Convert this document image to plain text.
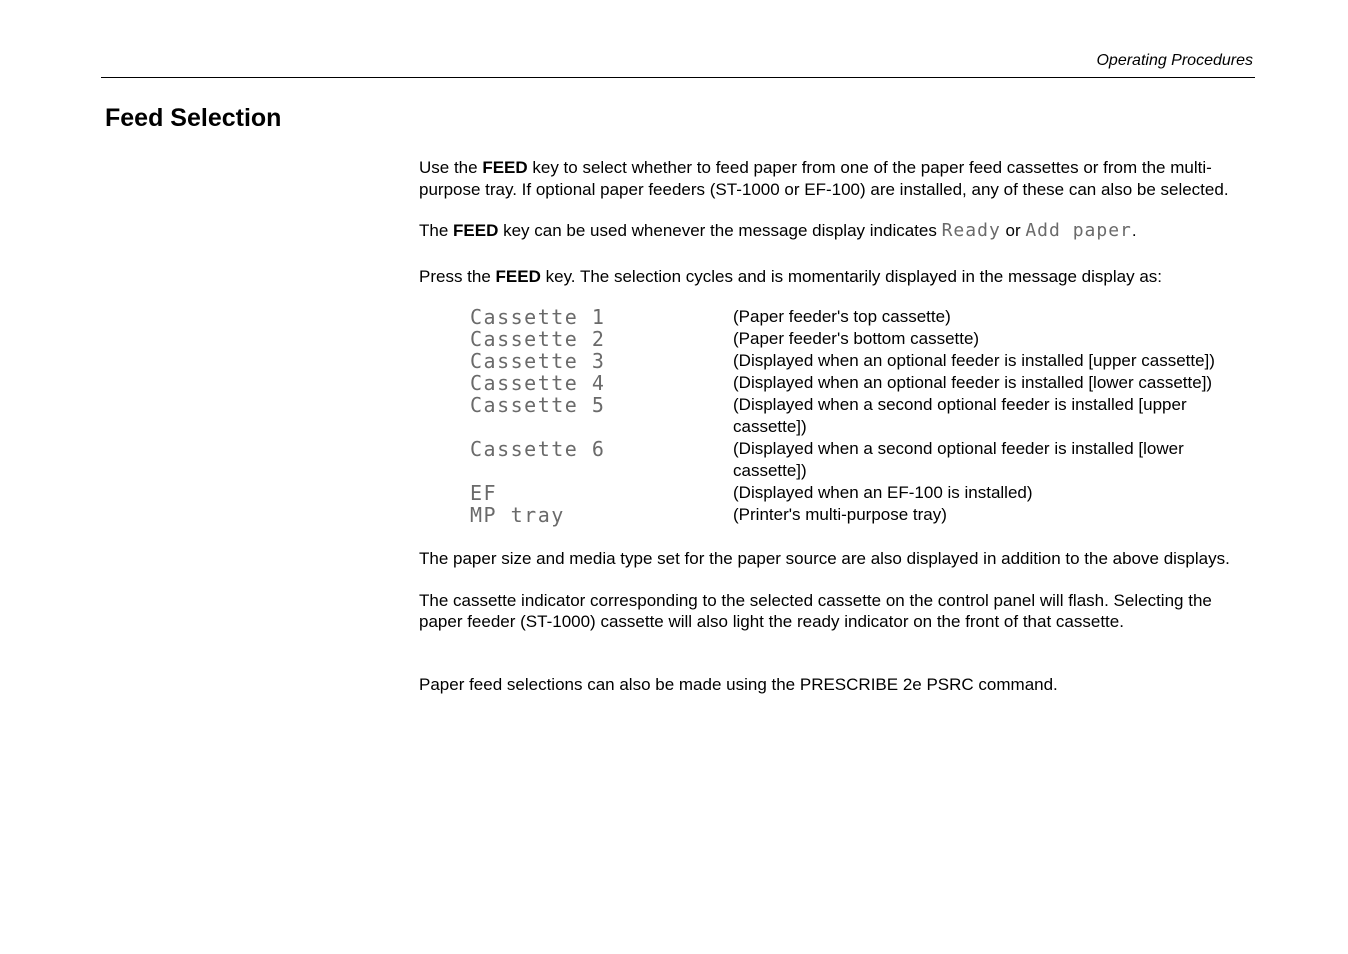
Operating Procedures
Feed Selection

Use the FEED key to select whether to feed paper from one of the paper feed cassettes or from the multi-purpose tray. If optional paper feeders (ST-1000 or EF-100) are installed, any of these can also be selected.

The FEED key can be used whenever the message display indicates Ready or Add paper.

Press the FEED key. The selection cycles and is momentarily displayed in the message display as:

Cassette 1	(Paper feeder's top cassette)
Cassette 2	(Paper feeder's bottom cassette)
Cassette 3	(Displayed when an optional feeder is installed [upper cassette])
Cassette 4	(Displayed when an optional feeder is installed [lower cassette])
Cassette 5	(Displayed when a second optional feeder is installed [upper cassette])
Cassette 6	(Displayed when a second optional feeder is installed [lower cassette])
EF	(Displayed when an EF-100 is installed)
MP tray	(Printer's multi-purpose tray)

The paper size and media type set for the paper source are also displayed in addition to the above displays.

The cassette indicator corresponding to the selected cassette on the control panel will flash. Selecting the paper feeder (ST-1000) cassette will also light the ready indicator on the front of that cassette.

Paper feed selections can also be made using the PRESCRIBE 2e PSRC command.
